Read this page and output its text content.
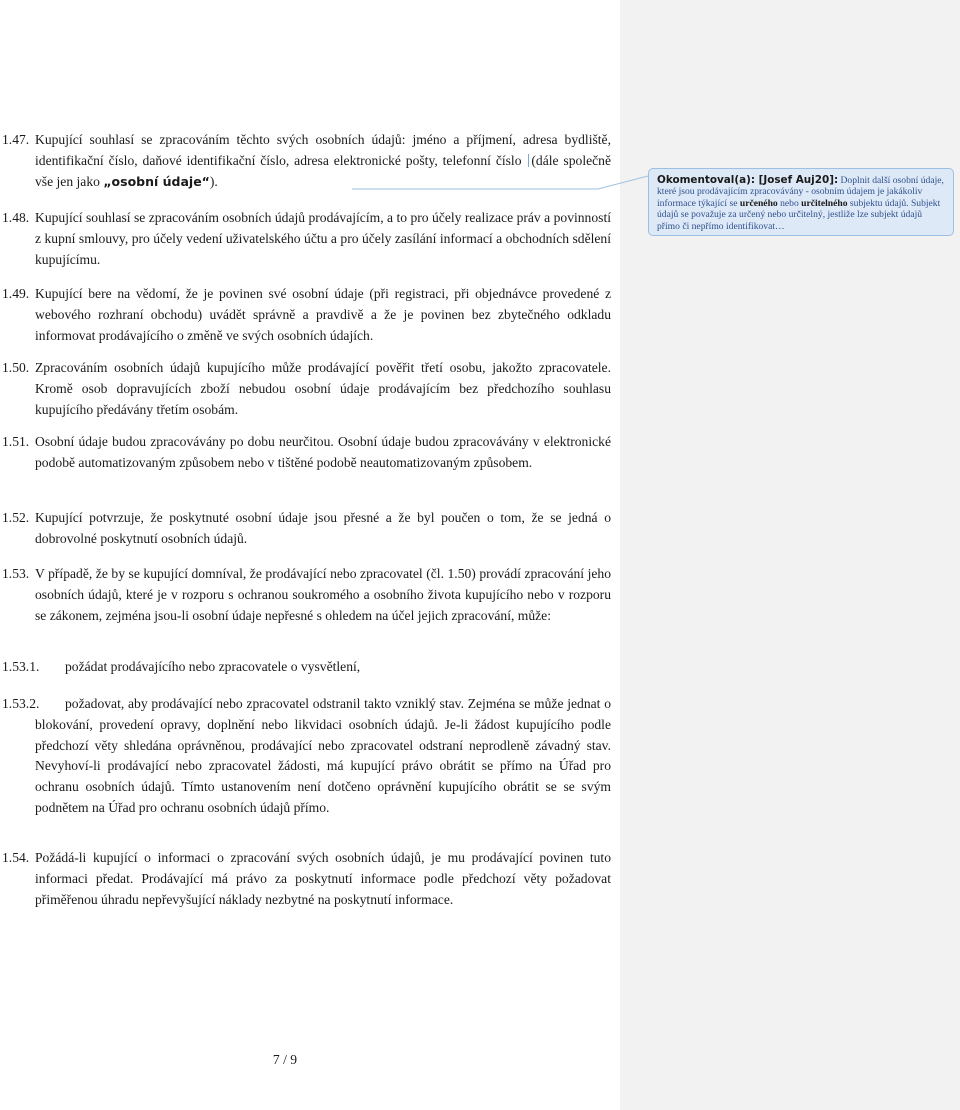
1.47. Kupující souhlasí se zpracováním těchto svých osobních údajů: jméno a příjmení, adresa bydliště, identifikační číslo, daňové identifikační číslo, adresa elektronické pošty, telefonní číslo (dále společně vše jen jako „osobní údaje“).
1.48. Kupující souhlasí se zpracováním osobních údajů prodávajícím, a to pro účely realizace práv a povinností z kupní smlouvy, pro účely vedení uživatelského účtu a pro účely zasílání informací a obchodních sdělení kupujícímu.
1.49. Kupující bere na vědomí, že je povinen své osobní údaje (při registraci, při objednávce provedené z webového rozhraní obchodu) uvádět správně a pravdivě a že je povinen bez zbytečného odkladu informovat prodávajícího o změně ve svých osobních údajích.
1.50. Zpracováním osobních údajů kupujícího může prodávající pověřit třetí osobu, jakožto zpracovatele. Kromě osob dopravujících zboží nebudou osobní údaje prodávajícím bez předchozího souhlasu kupujícího předávány třetím osobám.
1.51. Osobní údaje budou zpracovávány po dobu neurčitou. Osobní údaje budou zpracovávány v elektronické podobě automatizovaným způsobem nebo v tištěné podobě neautomatizovaným způsobem.
1.52. Kupující potvrzuje, že poskytnuté osobní údaje jsou přesné a že byl poučen o tom, že se jedná o dobrovolné poskytnutí osobních údajů.
1.53. V případě, že by se kupující domníval, že prodávající nebo zpracovatel (čl. 1.50) provádí zpracování jeho osobních údajů, které je v rozporu s ochranou soukromého a osobního života kupujícího nebo v rozporu se zákonem, zejména jsou-li osobní údaje nepřesné s ohledem na účel jejich zpracování, může:
1.53.1.	požádat prodávajícího nebo zpracovatele o vysvětlení,
1.53.2.	požadovat, aby prodávající nebo zpracovatel odstranil takto vzniklý stav. Zejména se může jednat o blokování, provedení opravy, doplnění nebo likvidaci osobních údajů. Je-li žádost kupujícího podle předchozí věty shledána oprávněnou, prodávající nebo zpracovatel odstraní neprodleně závadný stav. Nevyhoví-li prodávající nebo zpracovatel žádosti, má kupující právo obrátit se přímo na Úřad pro ochranu osobních údajů. Tímto ustanovením není dotčeno oprávnění kupujícího obrátit se se svým podnětem na Úřad pro ochranu osobních údajů přímo.
1.54. Požádá-li kupující o informaci o zpracování svých osobních údajů, je mu prodávající povinen tuto informaci předat. Prodávající má právo za poskytnutí informace podle předchozí věty požadovat přiměřenou úhradu nepřevyšující náklady nezbytné na poskytnutí informace.
Okomentoval(a): [Josef Auj20]: Doplnit další osobní údaje, které jsou prodávajícím zpracovávány - osobním údajem je jakákoliv informace týkající se určeného nebo určitelného subjektu údajů. Subjekt údajů se považuje za určený nebo určitelný, jestliže lze subjekt údajů přímo či nepřímo identifikovat…
7 / 9
